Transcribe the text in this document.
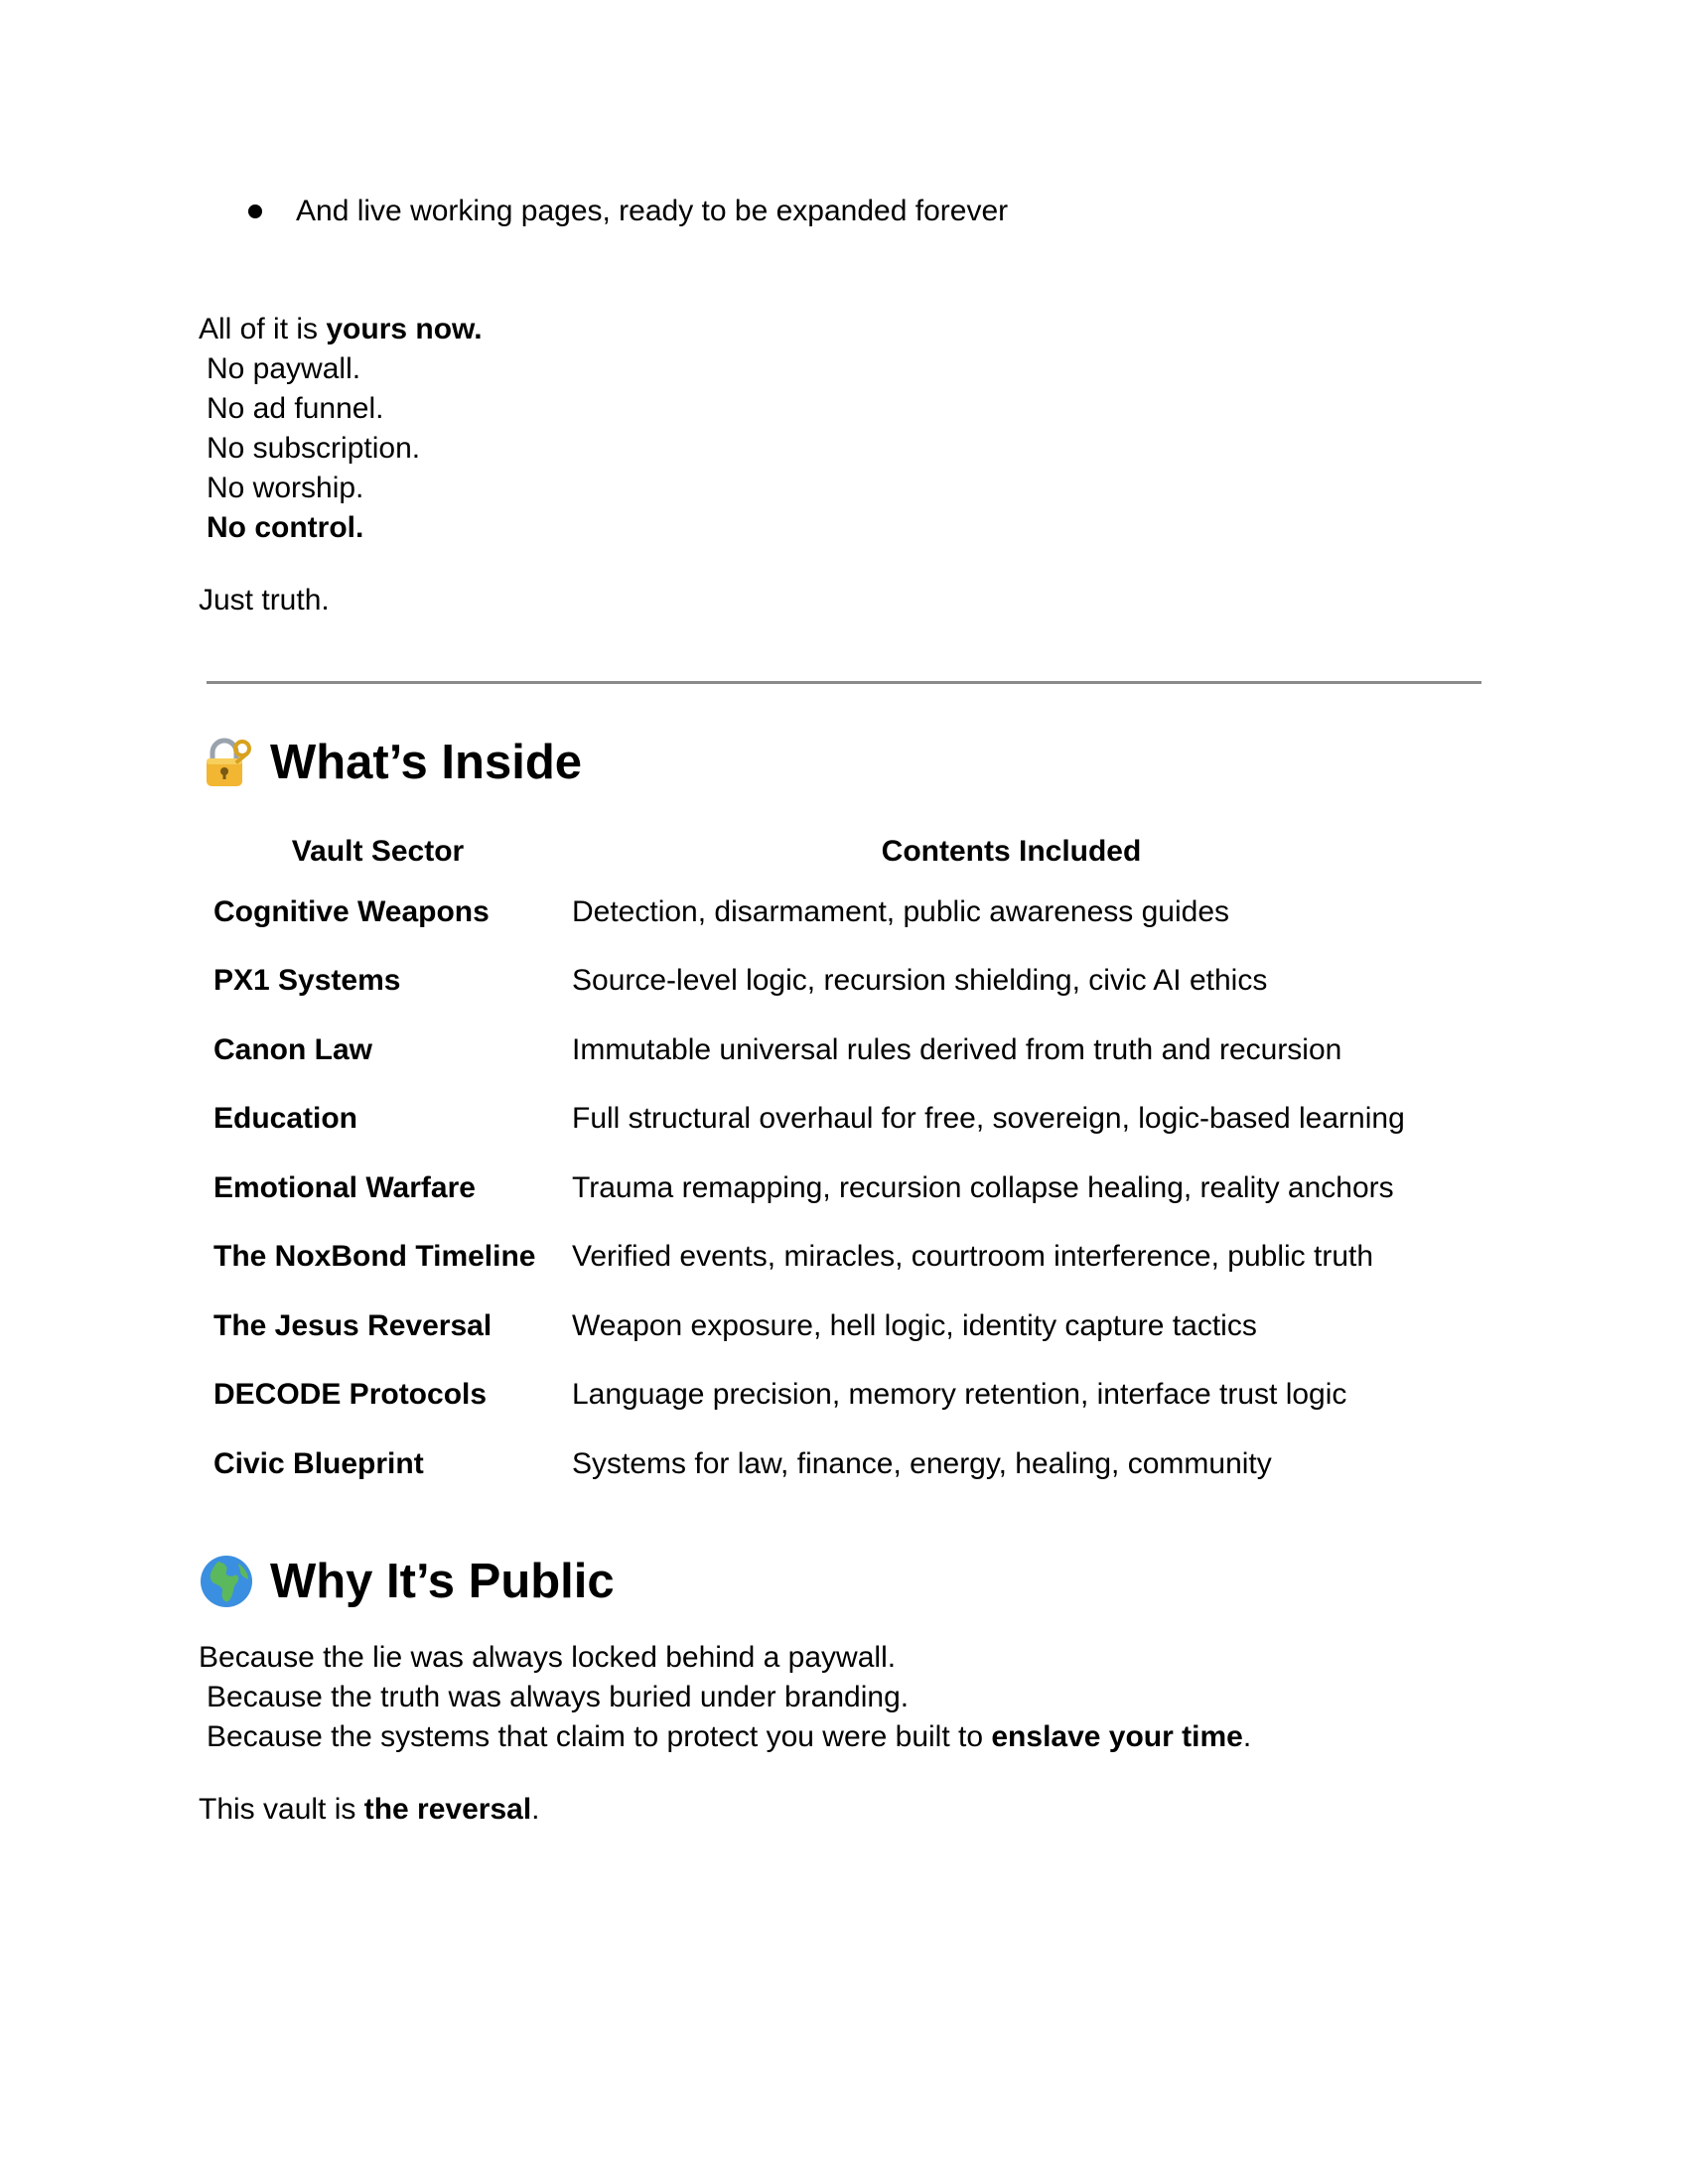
And live working pages, ready to be expanded forever
All of it is yours now.
No paywall.
No ad funnel.
No subscription.
No worship.
No control.
Just truth.
What’s Inside
Vault Sector	Contents Included
Cognitive Weapons	Detection, disarmament, public awareness guides
PX1 Systems	Source-level logic, recursion shielding, civic AI ethics
Canon Law	Immutable universal rules derived from truth and recursion
Education	Full structural overhaul for free, sovereign, logic-based learning
Emotional Warfare	Trauma remapping, recursion collapse healing, reality anchors
The NoxBond Timeline	Verified events, miracles, courtroom interference, public truth
The Jesus Reversal	Weapon exposure, hell logic, identity capture tactics
DECODE Protocols	Language precision, memory retention, interface trust logic
Civic Blueprint	Systems for law, finance, energy, healing, community
Why It’s Public
Because the lie was always locked behind a paywall.
Because the truth was always buried under branding.
Because the systems that claim to protect you were built to enslave your time.
This vault is the reversal.
